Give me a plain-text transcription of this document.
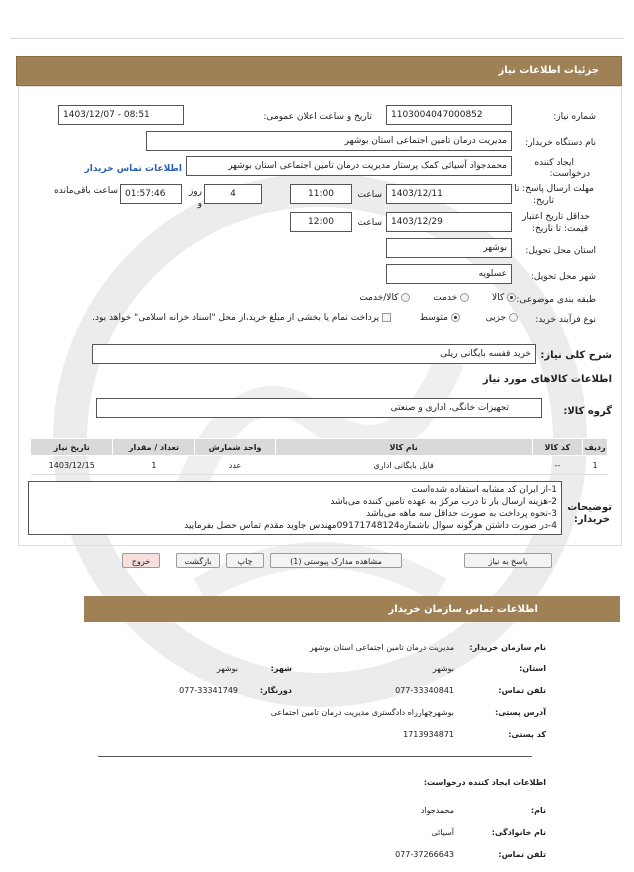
جزئیات اطلاعات نیاز
شماره نیاز:
1103004047000852
تاریخ و ساعت اعلان عمومی:
1403/12/07 - 08:51
نام دستگاه خریدار:
مدیریت درمان تامین اجتماعی استان بوشهر
ایجاد کننده
درخواست:
محمدجواد آسیائی کمک پرستار مدیریت درمان تامین اجتماعی استان بوشهر
اطلاعات تماس خریدار
مهلت ارسال پاسخ: تا
تاریخ:
1403/12/11
ساعت
11:00
4
روز و
01:57:46
ساعت باقی‌مانده
حداقل تاریخ اعتبار
قیمت: تا تاریخ:
1403/12/29
ساعت
12:00
استان محل تحویل:
بوشهر
شهر محل تحویل:
عسلویه
طبقه بندی موضوعی:
کالا         خدمت         کالا/خدمت
نوع فرآیند خرید:
جزیی          متوسط           پرداخت تمام یا بخشی از مبلغ خرید،از محل "اسناد خزانه اسلامی" خواهد بود.
شرح کلی نیاز:
خرید قفسه بایگانی ریلی
اطلاعات کالاهای مورد نیاز
گروه کالا:
تجهیزات خانگی، اداری و صنعتی
ردیف	کد کالا	نام کالا	واحد شمارش	تعداد / مقدار	تاریخ نیاز
1	--	فایل بایگانی اداری	عدد	1	1403/12/15
توضیحات
خریدار:
1-از ایران کد مشابه استفاده شده‌است
2-هزینه ارسال بار تا درب مرکز به عهده تامین کننده می‌باشد
3-نحوه پرداخت به صورت حداقل سه ماهه می‌باشد
4-در صورت داشتن هرگونه سوال باشماره09171748124مهندس جاوید مقدم تماس حصل بفرمایید
پاسخ به نیاز
مشاهده مدارک پیوستی (1)
چاپ
بازگشت
خروج
اطلاعات تماس سازمان خریدار
نام سازمان خریدار:
مدیریت درمان تامین اجتماعی استان بوشهر
استان:
بوشهر
شهر:
بوشهر
تلفن تماس:
077-33340841
دورنگار:
077-33341749
آدرس پستی:
بوشهرچهارراه دادگستری مدیریت درمان تامین اجتماعی
کد پستی:
1713934871
اطلاعات ایجاد کننده درخواست:
نام:
محمدجواد
نام خانوادگی:
آسیائی
تلفن تماس:
077-37266643
